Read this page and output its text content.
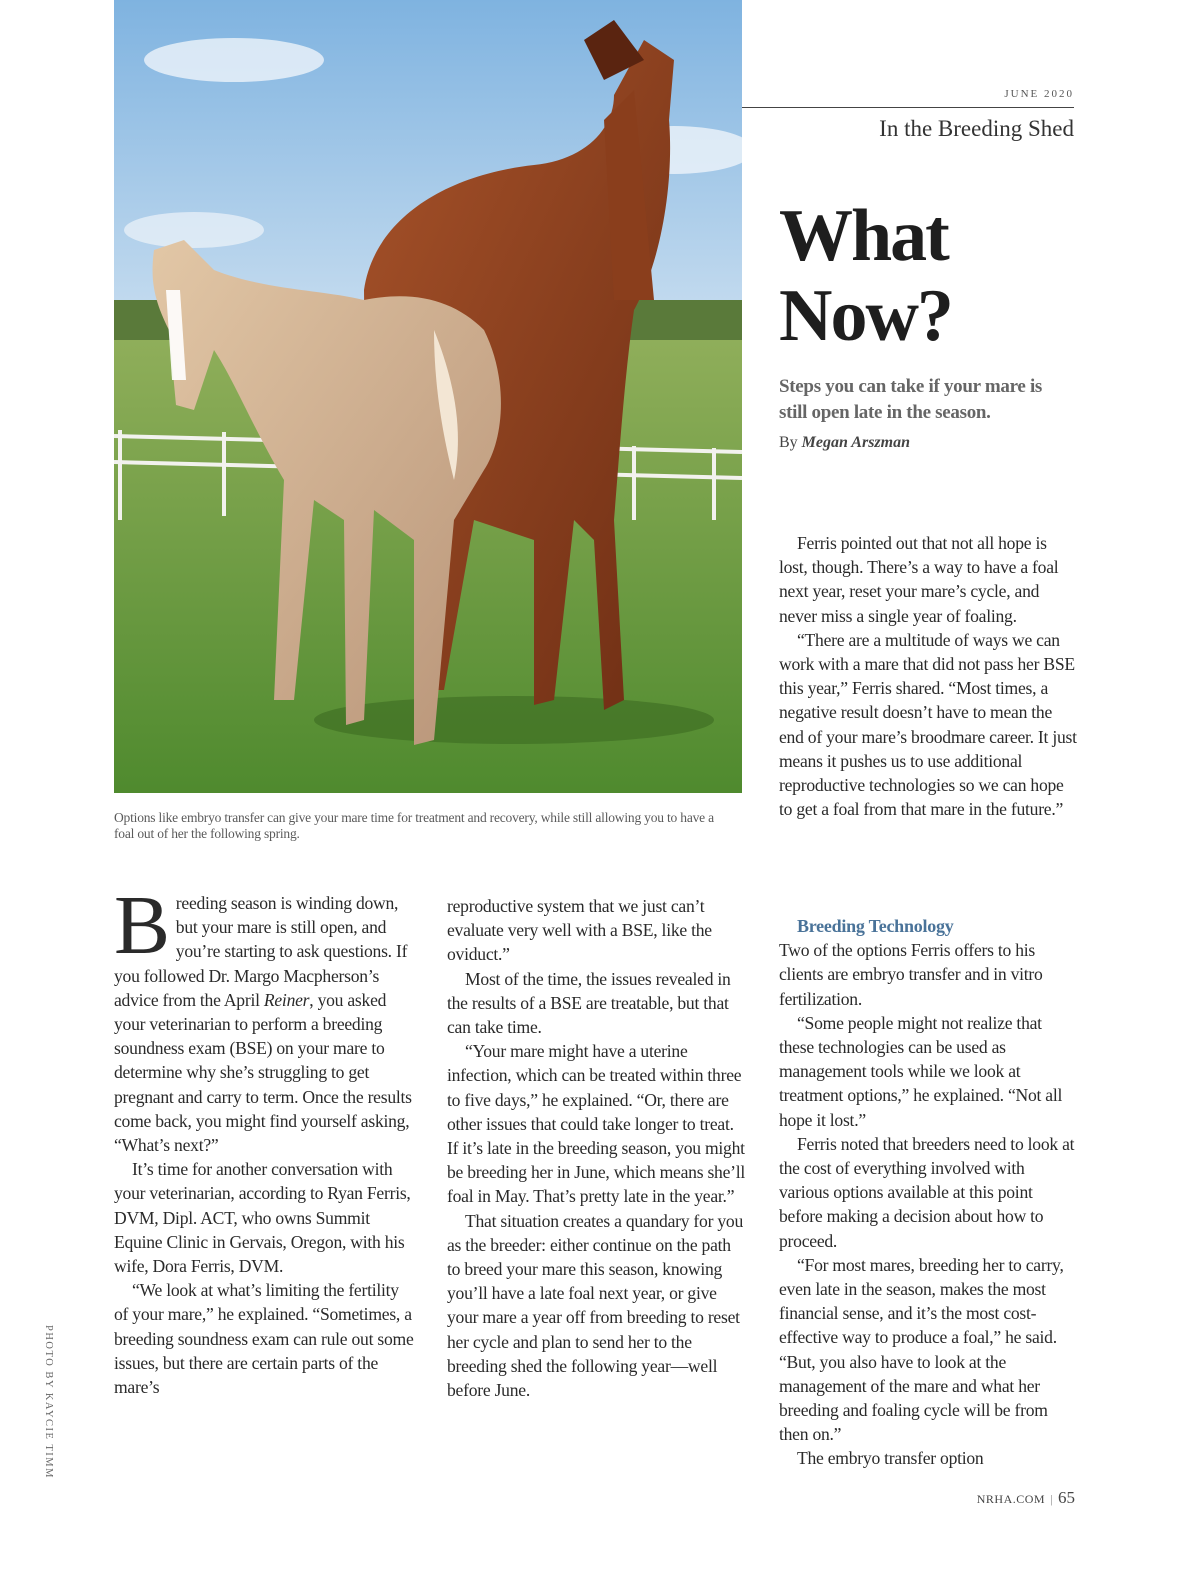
Options like embryo transfer can give your mare time for treatment and recovery, while still allowing you to have a foal out of her the following spring.
JUNE 2020
In the Breeding Shed
What
Now?
Steps you can take if your mare is still open late in the season.
By Megan Arszman

Breeding season is winding down, but your mare is still open, and you’re starting to ask questions. If you followed Dr. Margo Macpherson’s advice from the April Reiner, you asked your veterinarian to perform a breeding soundness exam (BSE) on your mare to determine why she’s struggling to get pregnant and carry to term. Once the results come back, you might find yourself asking, “What’s next?”

It’s time for another conversation with your veterinarian, according to Ryan Ferris, DVM, Dipl. ACT, who owns Summit Equine Clinic in Gervais, Oregon, with his wife, Dora Ferris, DVM.

“We look at what’s limiting the fertility of your mare,” he explained. “Sometimes, a breeding soundness exam can rule out some issues, but there are certain parts of the mare’s

reproductive system that we just can’t evaluate very well with a BSE, like the oviduct.”

Most of the time, the issues revealed in the results of a BSE are treatable, but that can take time.

“Your mare might have a uterine infection, which can be treated within three to five days,” he explained. “Or, there are other issues that could take longer to treat. If it’s late in the breeding season, you might be breeding her in June, which means she’ll foal in May. That’s pretty late in the year.”

That situation creates a quandary for you as the breeder: either continue on the path to breed your mare this season, knowing you’ll have a late foal next year, or give your mare a year off from breeding to reset her cycle and plan to send her to the breeding shed the following year—well before June.

Ferris pointed out that not all hope is lost, though. There’s a way to have a foal next year, reset your mare’s cycle, and never miss a single year of foaling.

“There are a multitude of ways we can work with a mare that did not pass her BSE this year,” Ferris shared. “Most times, a negative result doesn’t have to mean the end of your mare’s broodmare career. It just means it pushes us to use additional reproductive technologies so we can hope to get a foal from that mare in the future.”

Breeding Technology

Two of the options Ferris offers to his clients are embryo transfer and in vitro fertilization.

“Some people might not realize that these technologies can be used as management tools while we look at treatment options,” he explained. “Not all hope it lost.”

Ferris noted that breeders need to look at the cost of everything involved with various options available at this point before making a decision about how to proceed.

“For most mares, breeding her to carry, even late in the season, makes the most financial sense, and it’s the most cost-effective way to produce a foal,” he said. “But, you also have to look at the management of the mare and what her breeding and foaling cycle will be from then on.”

The embryo transfer option

PHOTO BY KAYCIE TIMM
NRHA.COM | 65
